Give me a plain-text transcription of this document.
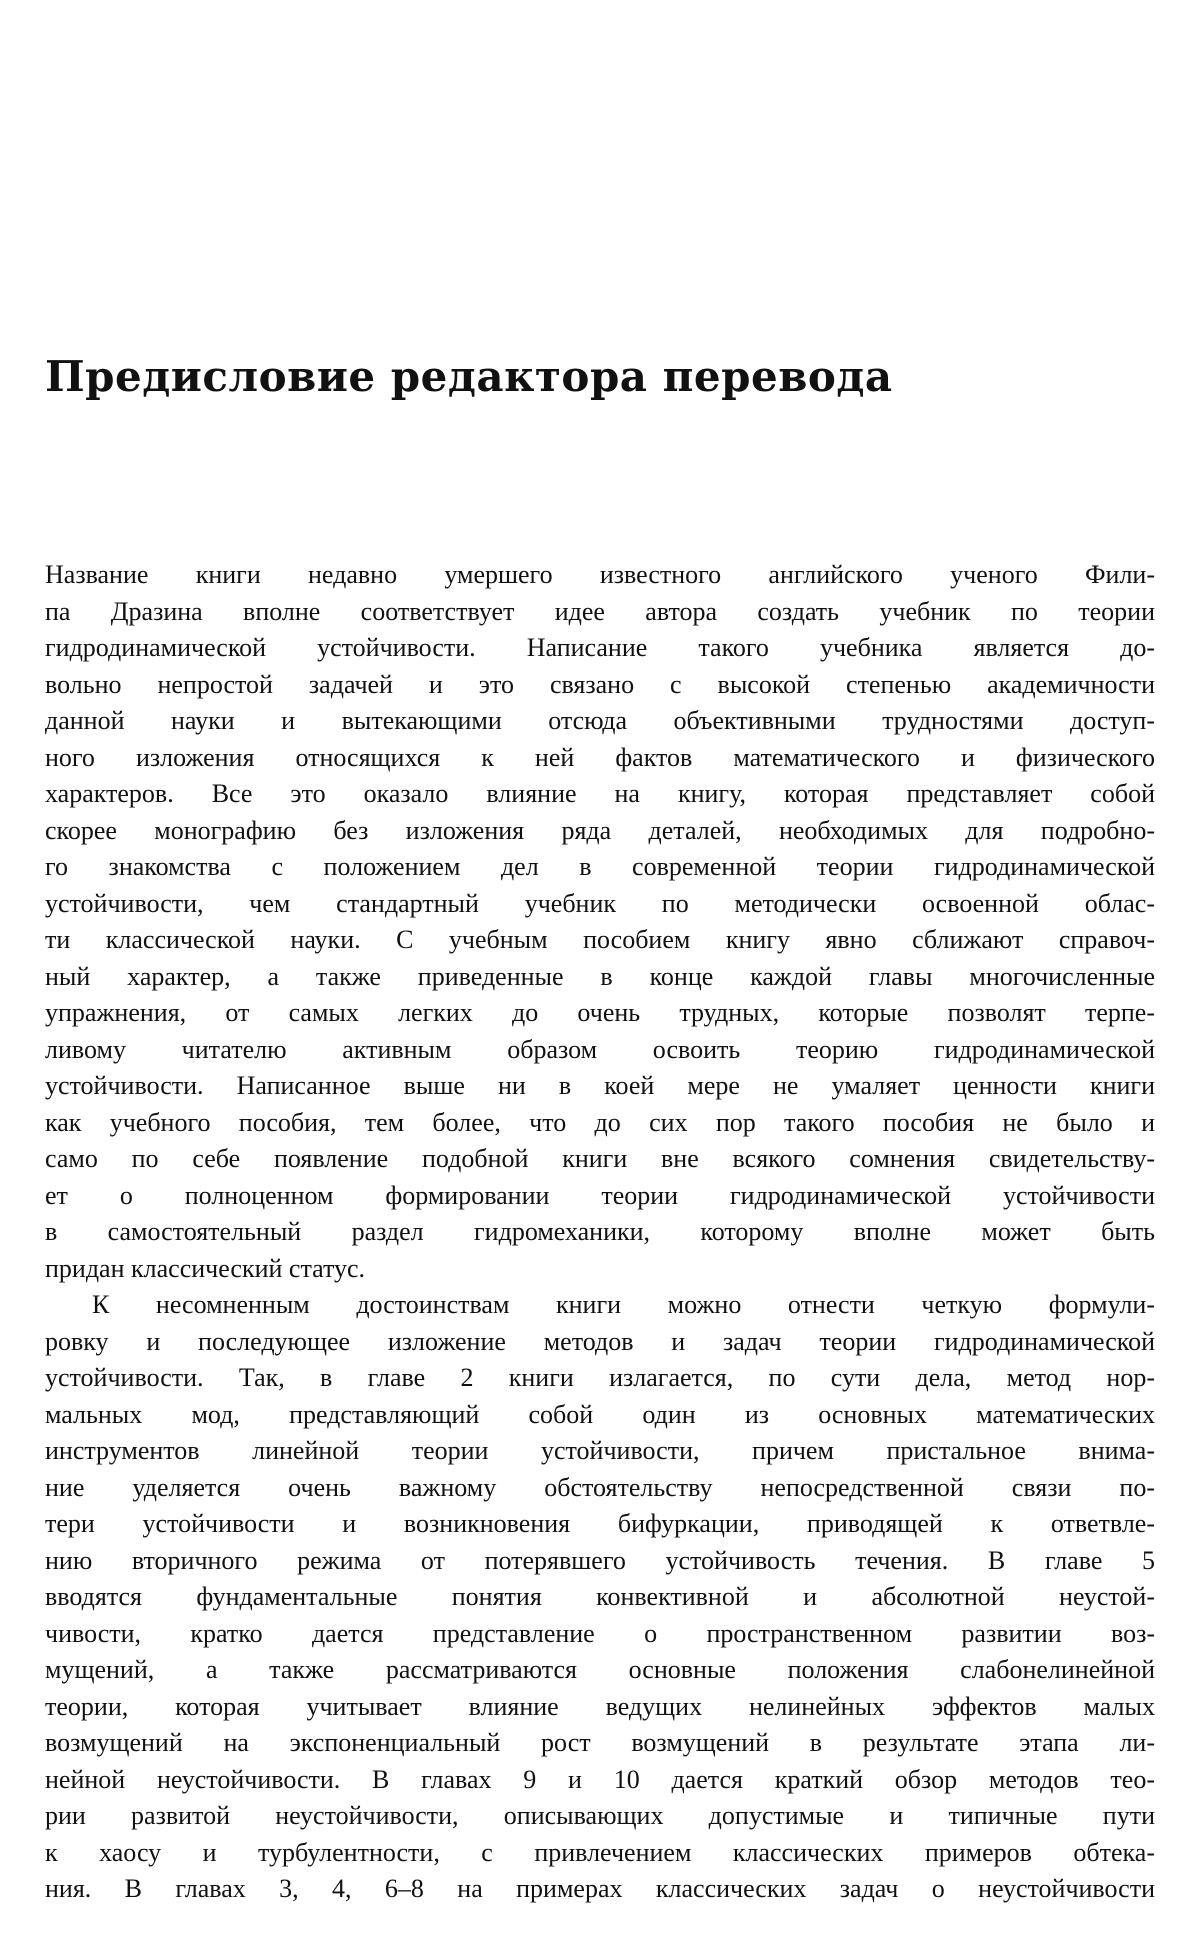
Предисловие редактора перевода
Название книги недавно умершего известного английского ученого Фили-
па Дразина вполне соответствует идее автора создать учебник по теории
гидродинамической устойчивости. Написание такого учебника является до-
вольно непростой задачей и это связано с высокой степенью академичности
данной науки и вытекающими отсюда объективными трудностями доступ-
ного изложения относящихся к ней фактов математического и физического
характеров. Все это оказало влияние на книгу, которая представляет собой
скорее монографию без изложения ряда деталей, необходимых для подробно-
го знакомства с положением дел в современной теории гидродинамической
устойчивости, чем стандартный учебник по методически освоенной облас-
ти классической науки. С учебным пособием книгу явно сближают справоч-
ный характер, а также приведенные в конце каждой главы многочисленные
упражнения, от самых легких до очень трудных, которые позволят терпе-
ливому читателю активным образом освоить теорию гидродинамической
устойчивости. Написанное выше ни в коей мере не умаляет ценности книги
как учебного пособия, тем более, что до сих пор такого пособия не было и
само по себе появление подобной книги вне всякого сомнения свидетельству-
ет о полноценном формировании теории гидродинамической устойчивости
в самостоятельный раздел гидромеханики, которому вполне может быть
придан классический статус.
К несомненным достоинствам книги можно отнести четкую формули-
ровку и последующее изложение методов и задач теории гидродинамической
устойчивости. Так, в главе 2 книги излагается, по сути дела, метод нор-
мальных мод, представляющий собой один из основных математических
инструментов линейной теории устойчивости, причем пристальное внима-
ние уделяется очень важному обстоятельству непосредственной связи по-
тери устойчивости и возникновения бифуркации, приводящей к ответвле-
нию вторичного режима от потерявшего устойчивость течения. В главе 5
вводятся фундаментальные понятия конвективной и абсолютной неустой-
чивости, кратко дается представление о пространственном развитии воз-
мущений, а также рассматриваются основные положения слабонелинейной
теории, которая учитывает влияние ведущих нелинейных эффектов малых
возмущений на экспоненциальный рост возмущений в результате этапа ли-
нейной неустойчивости. В главах 9 и 10 дается краткий обзор методов тео-
рии развитой неустойчивости, описывающих допустимые и типичные пути
к хаосу и турбулентности, с привлечением классических примеров обтека-
ния. В главах 3, 4, 6–8 на примерах классических задач о неустойчивости
